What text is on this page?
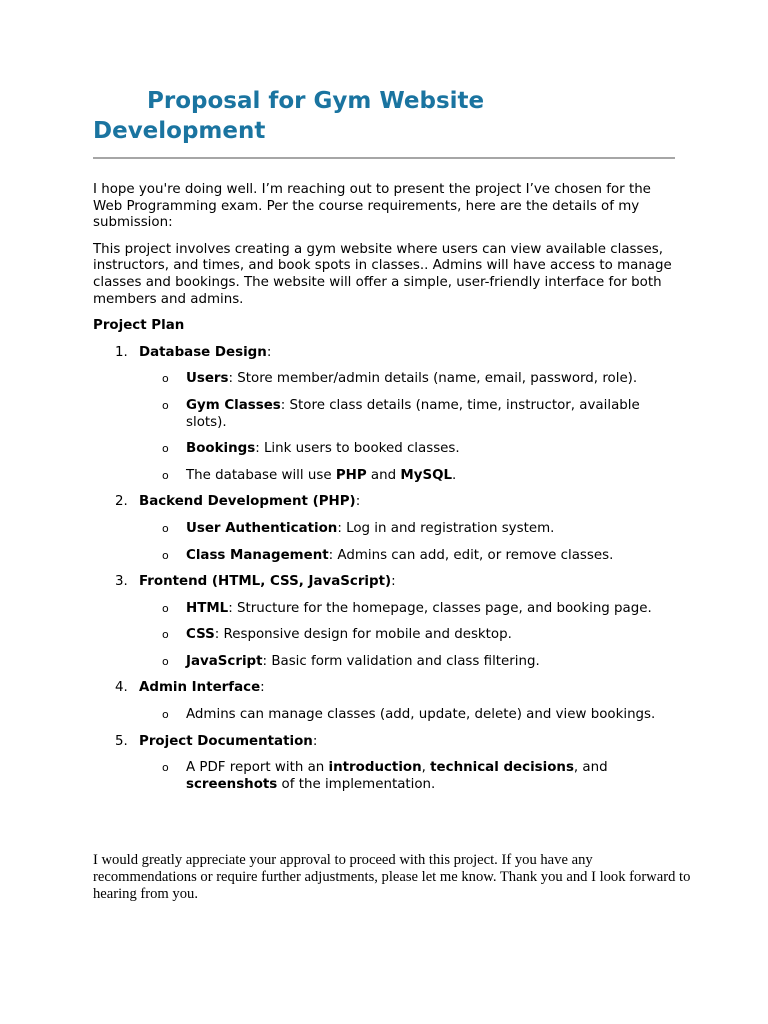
Proposal for Gym Website
Development

I hope you're doing well. I’m reaching out to present the project I’ve chosen for the Web Programming exam. Per the course requirements, here are the details of my submission:

This project involves creating a gym website where users can view available classes, instructors, and times, and book spots in classes.. Admins will have access to manage classes and bookings. The website will offer a simple, user-friendly interface for both members and admins.

Project Plan
1. Database Design:
o Users: Store member/admin details (name, email, password, role).
o Gym Classes: Store class details (name, time, instructor, available slots).
o Bookings: Link users to booked classes.
o The database will use PHP and MySQL.
2. Backend Development (PHP):
o User Authentication: Log in and registration system.
o Class Management: Admins can add, edit, or remove classes.
3. Frontend (HTML, CSS, JavaScript):
o HTML: Structure for the homepage, classes page, and booking page.
o CSS: Responsive design for mobile and desktop.
o JavaScript: Basic form validation and class filtering.
4. Admin Interface:
o Admins can manage classes (add, update, delete) and view bookings.
5. Project Documentation:
o A PDF report with an introduction, technical decisions, and screenshots of the implementation.

I would greatly appreciate your approval to proceed with this project. If you have any recommendations or require further adjustments, please let me know. Thank you and I look forward to hearing from you.
